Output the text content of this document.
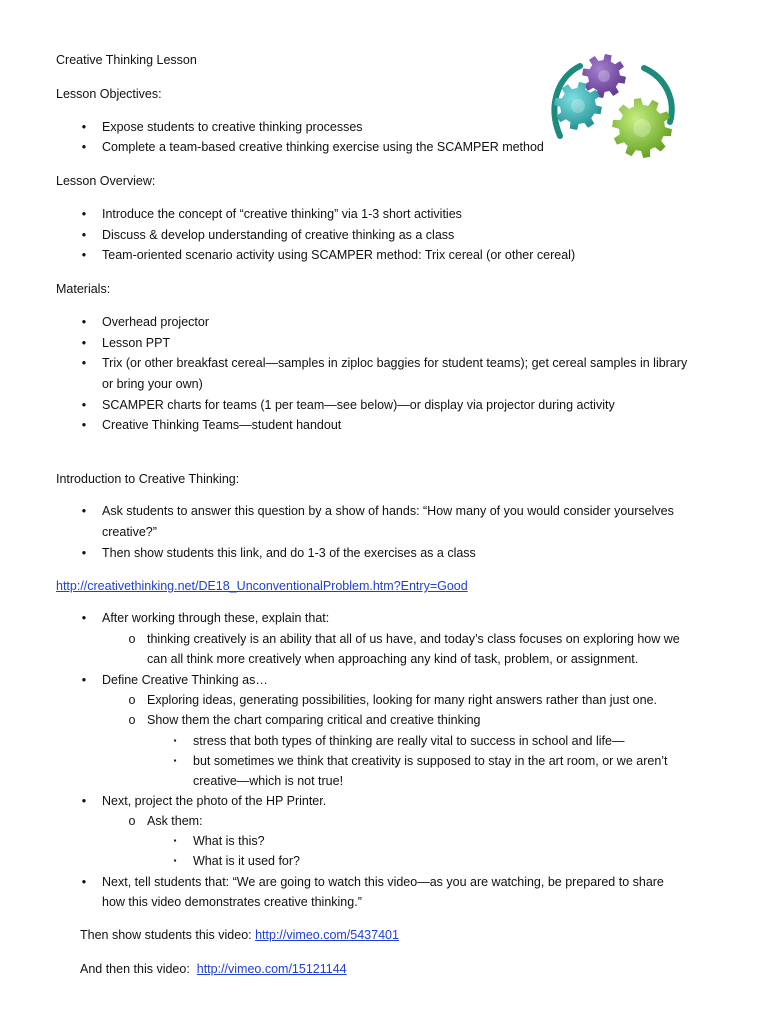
Creative Thinking Lesson
Lesson Objectives:
•	Expose students to creative thinking processes
•	Complete a team-based creative thinking exercise using the SCAMPER method
Lesson Overview:
•	Introduce the concept of “creative thinking” via 1-3 short activities
•	Discuss & develop understanding of creative thinking as a class
•	Team-oriented scenario activity using SCAMPER method: Trix cereal (or other cereal)
Materials:
•	Overhead projector
•	Lesson PPT
•	Trix (or other breakfast cereal—samples in ziploc baggies for student teams); get cereal samples in library
or bring your own)
•	SCAMPER charts for teams (1 per team—see below)—or display via projector during activity
•	Creative Thinking Teams—student handout
Introduction to Creative Thinking:
•	Ask students to answer this question by a show of hands: “How many of you would consider yourselves
creative?”
•	Then show students this link, and do 1-3 of the exercises as a class
http://creativethinking.net/DE18_UnconventionalProblem.htm?Entry=Good
•	After working through these, explain that:
o thinking creatively is an ability that all of us have, and today’s class focuses on exploring how we
can all think more creatively when approaching any kind of task, problem, or assignment.
•	Define Creative Thinking as…
o Exploring ideas, generating possibilities, looking for many right answers rather than just one.
o Show them the chart comparing critical and creative thinking
▪ stress that both types of thinking are really vital to success in school and life—
▪ but sometimes we think that creativity is supposed to stay in the art room, or we aren’t
creative—which is not true!
•	Next, project the photo of the HP Printer.
o Ask them:
▪ What is this?
▪ What is it used for?
•	Next, tell students that: “We are going to watch this video—as you are watching, be prepared to share
how this video demonstrates creative thinking.”
Then show students this video: http://vimeo.com/5437401
And then this video:  http://vimeo.com/15121144
